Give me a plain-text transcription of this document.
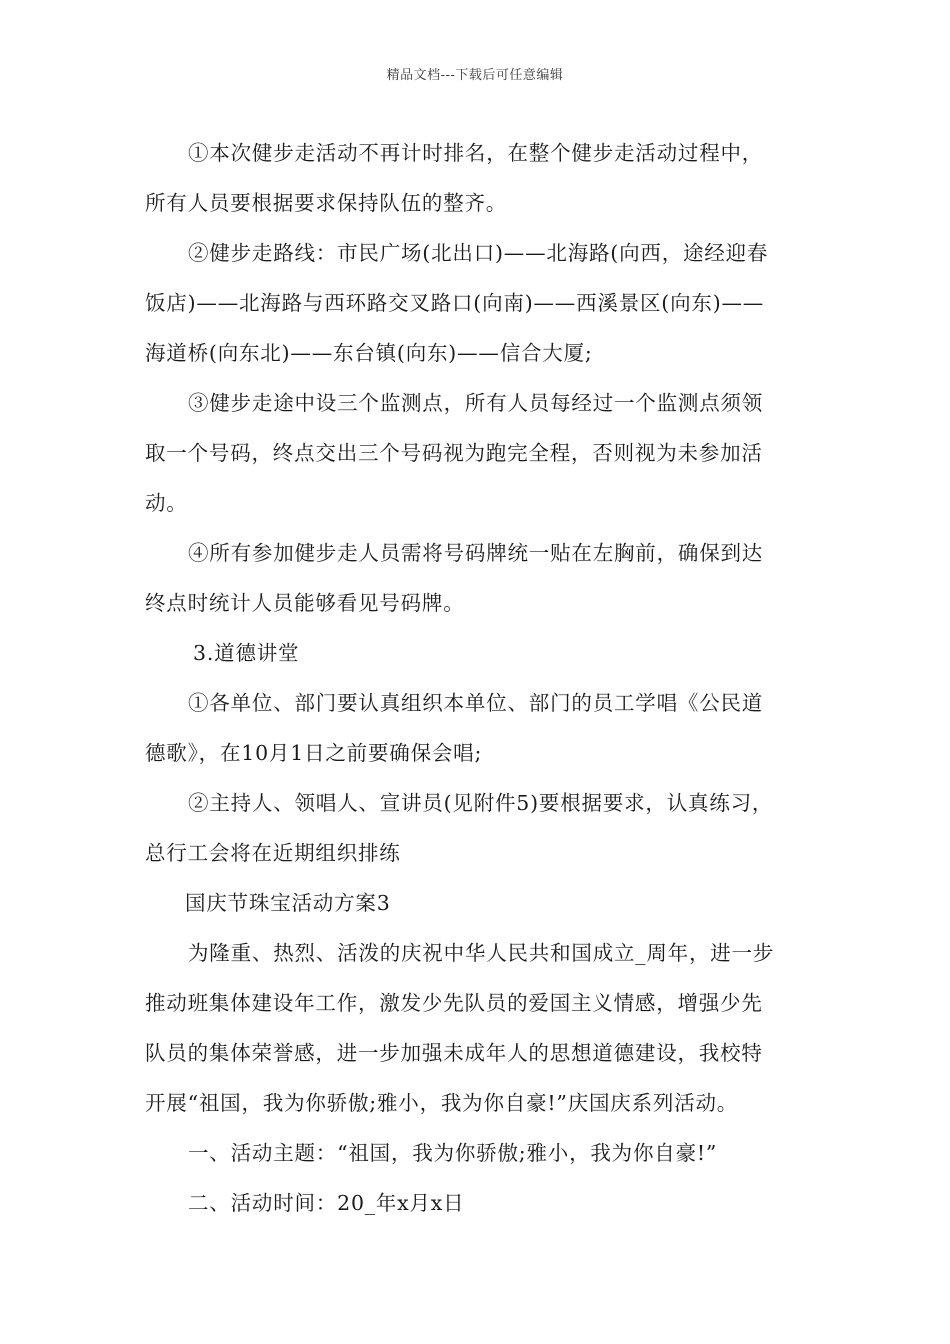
精品文档---下载后可任意编辑
①本次健步走活动不再计时排名，在整个健步走活动过程中，
所有人员要根据要求保持队伍的整齐。
②健步走路线：市民广场(北出口)——北海路(向西，途经迎春
饭店)——北海路与西环路交叉路口(向南)——西溪景区(向东)——
海道桥(向东北)——东台镇(向东)——信合大厦;
③健步走途中设三个监测点，所有人员每经过一个监测点须领
取一个号码，终点交出三个号码视为跑完全程，否则视为未参加活
动。
④所有参加健步走人员需将号码牌统一贴在左胸前，确保到达
终点时统计人员能够看见号码牌。
3.道德讲堂
①各单位、部门要认真组织本单位、部门的员工学唱《公民道
德歌》，在10月1日之前要确保会唱;
②主持人、领唱人、宣讲员(见附件5)要根据要求，认真练习，
总行工会将在近期组织排练
国庆节珠宝活动方案3
为隆重、热烈、活泼的庆祝中华人民共和国成立_周年，进一步
推动班集体建设年工作，激发少先队员的爱国主义情感，增强少先
队员的集体荣誉感，进一步加强未成年人的思想道德建设，我校特
开展“祖国，我为你骄傲;雅小，我为你自豪!”庆国庆系列活动。
一、活动主题：“祖国，我为你骄傲;雅小，我为你自豪!”
二、活动时间：20_年x月x日
